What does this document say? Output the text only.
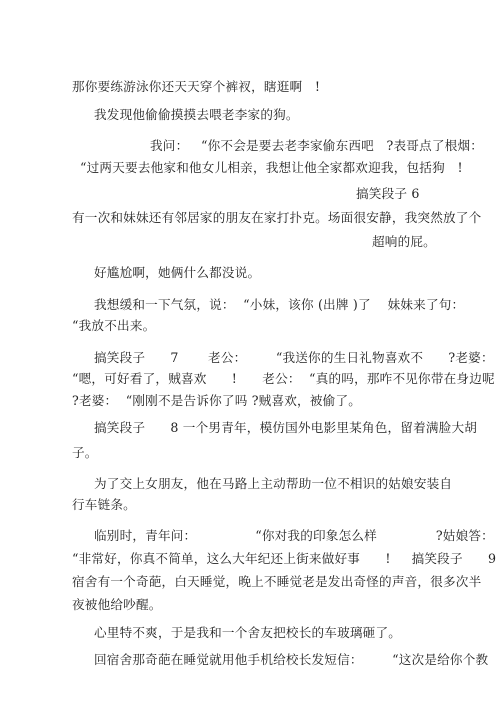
那你要练游泳你还天天穿个裤衩，瞎逛啊   !
我发现他偷偷摸摸去喂老李家的狗。
我问：   “你不会是要去老李家偷东西吧   ?表哥点了根烟：
“过两天要去他家和他女儿相亲，我想让他全家都欢迎我，包括狗   !
搞笑段子 6
有一次和妹妹还有邻居家的朋友在家打扑克。场面很安静，我突然放了个
超响的屁。
好尴尬啊，她俩什么都没说。
我想缓和一下气氛，说：  “小妹，该你 (出牌 )了    妹妹来了句：
“我放不出来。
搞笑段子      7       老公：       “我送你的生日礼物喜欢不      ?老婆：
“嗯，可好看了，贼喜欢      !      老公：  “真的吗，那咋不见你带在身边呢
?老婆：  “刚刚不是告诉你了吗 ?贼喜欢，被偷了。
搞笑段子      8 一个男青年，模仿国外电影里某角色，留着满脸大胡
子。
为了交上女朋友，他在马路上主动帮助一位不相识的姑娘安装自
行车链条。
临别时，青年问：              “你对我的印象怎么样              ?姑娘答：
“非常好，你真不简单，这么大年纪还上街来做好事      !     搞笑段子      9
宿舍有一个奇葩，白天睡觉，晚上不睡觉老是发出奇怪的声音，很多次半
夜被他给吵醒。
心里特不爽，于是我和一个舍友把校长的车玻璃砸了。
回宿舍那奇葩在睡觉就用他手机给校长发短信：       “这次是给你个教
